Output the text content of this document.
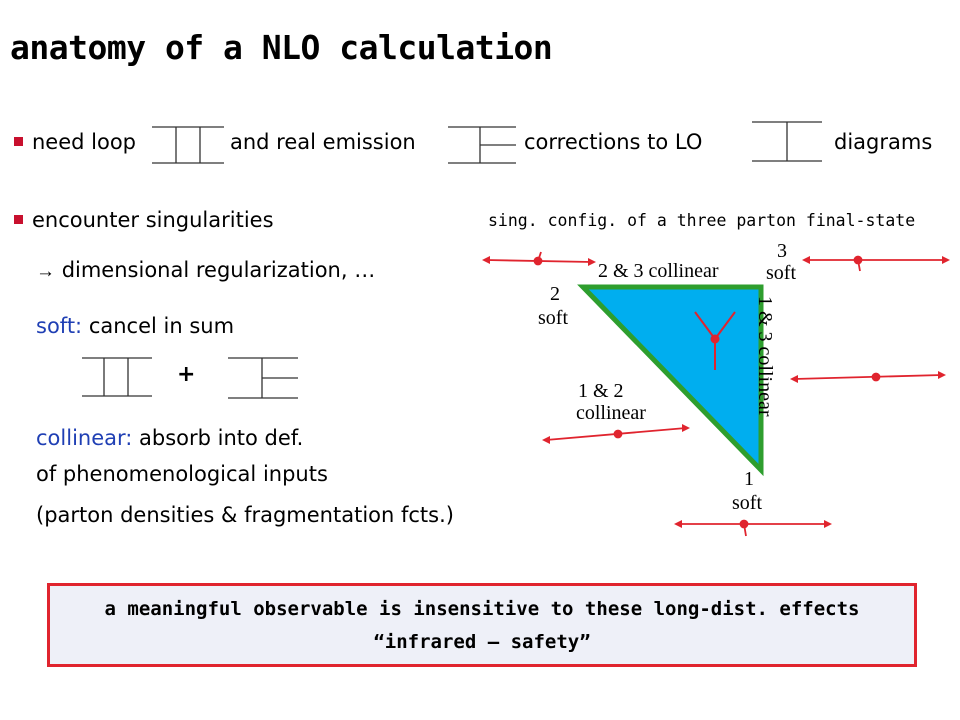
anatomy of a NLO calculation
need loop	and real emission	corrections to LO	diagrams
encounter singularities
→ dimensional regularization, …
soft: cancel in sum
+
collinear: absorb into def.
of phenomenological inputs
(parton densities & fragmentation fcts.)
sing. config. of a three parton final-state
2 & 3 collinear
3
soft
2
soft
1 & 2
collinear	1 & 3 collinear
1
soft
a meaningful observable is insensitive to these long-dist. effects
“infrared – safety”
